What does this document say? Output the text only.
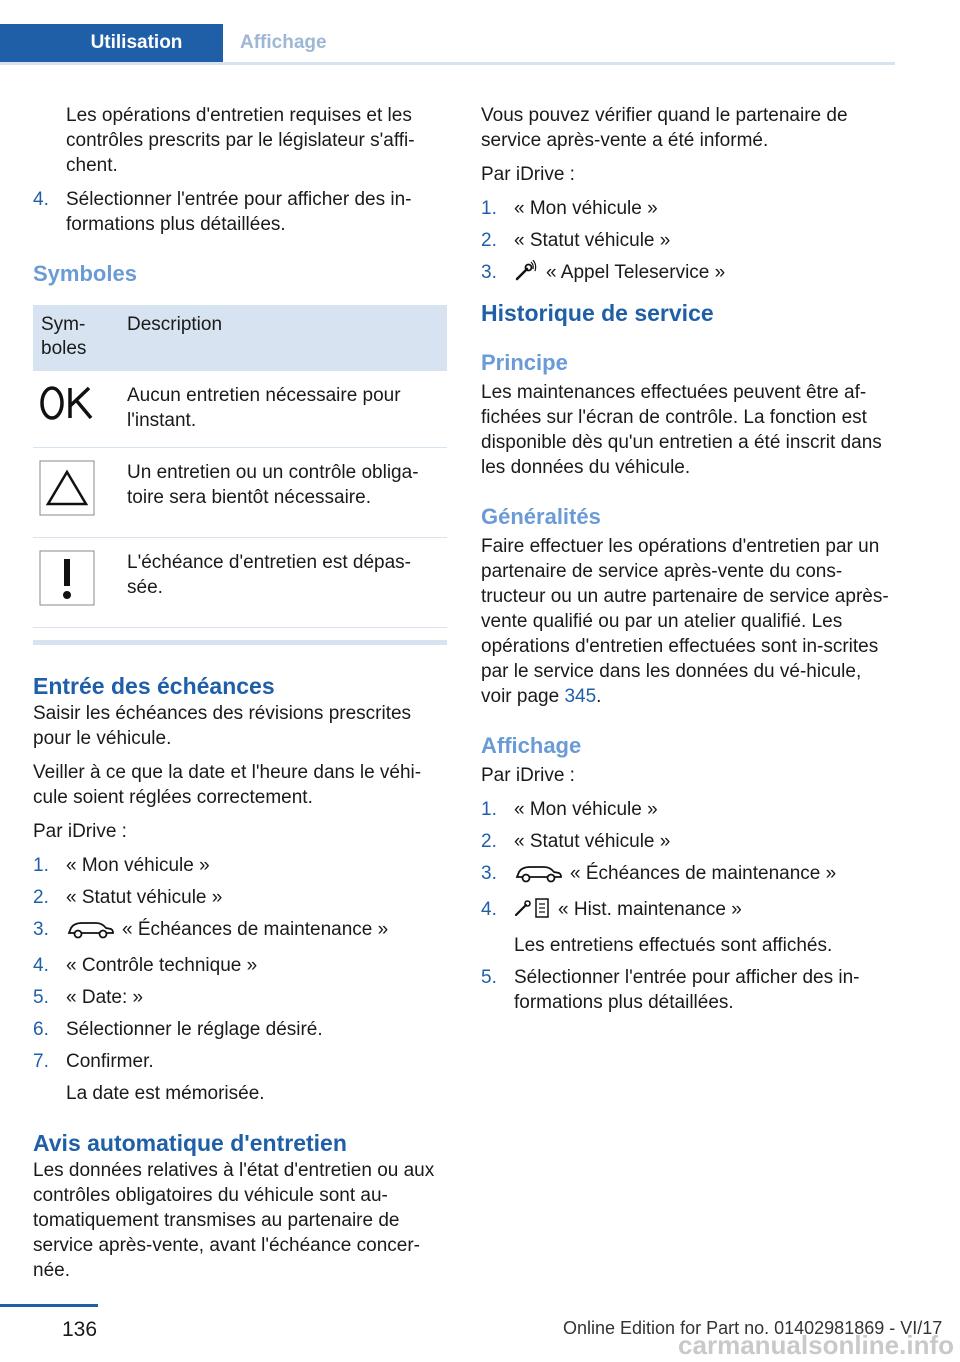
Utilisation	Affichage

Les opérations d'entretien requises et les contrôles prescrits par le législateur s'affi-chent.

4. Sélectionner l'entrée pour afficher des in-formations plus détaillées.
Symboles
Sym-boles	Description
	Aucun entretien nécessaire pour l'instant.
	Un entretien ou un contrôle obliga-toire sera bientôt nécessaire.
	L'échéance d'entretien est dépas-sée.
Entrée des échéances

Saisir les échéances des révisions prescrites pour le véhicule.

Veiller à ce que la date et l'heure dans le véhi-cule soient réglées correctement.

Par iDrive :

1. « Mon véhicule »
2. « Statut véhicule »
3.	« Échéances de maintenance »
4. « Contrôle technique »
5. « Date: »
6. Sélectionner le réglage désiré.
7. Confirmer.
La date est mémorisée.
Avis automatique d'entretien

Les données relatives à l'état d'entretien ou aux contrôles obligatoires du véhicule sont au-tomatiquement transmises au partenaire de service après-vente, avant l'échéance concer-née.

Vous pouvez vérifier quand le partenaire de service après-vente a été informé.

Par iDrive :

1. « Mon véhicule »
2. « Statut véhicule »
3.	« Appel Teleservice »
Historique de service
Principe

Les maintenances effectuées peuvent être af-fichées sur l'écran de contrôle. La fonction est disponible dès qu'un entretien a été inscrit dans les données du véhicule.

Généralités

Faire effectuer les opérations d'entretien par un partenaire de service après-vente du cons-tructeur ou un autre partenaire de service après-vente qualifié ou par un atelier qualifié. Les opérations d'entretien effectuées sont in-scrites par le service dans les données du vé-hicule, voir page 345.

Affichage

Par iDrive :

1. « Mon véhicule »
2. « Statut véhicule »
3.	« Échéances de maintenance »
4.	« Hist. maintenance »
Les entretiens effectués sont affichés.
5. Sélectionner l'entrée pour afficher des in-formations plus détaillées.
136	Online Edition for Part no. 01402981869 - VI/17
carmanualsonline.info
